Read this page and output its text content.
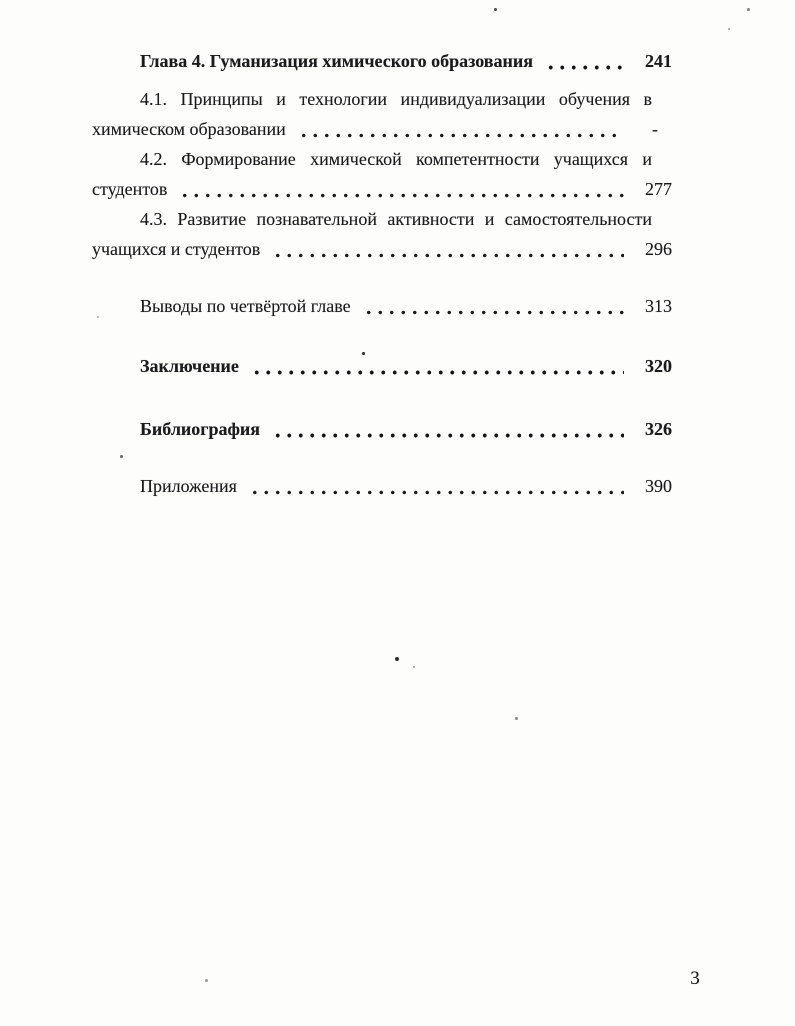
Глава 4. Гуманизация химического образования	241
4.1. Принципы и технологии индивидуализации обучения в
химическом образовании	-
4.2. Формирование химической компетентности учащихся и
студентов	277
4.3. Развитие познавательной активности и самостоятельности
учащихся и студентов	296
Выводы по четвёртой главе	313
Заключение	320
Библиография	326
Приложения	390
3
